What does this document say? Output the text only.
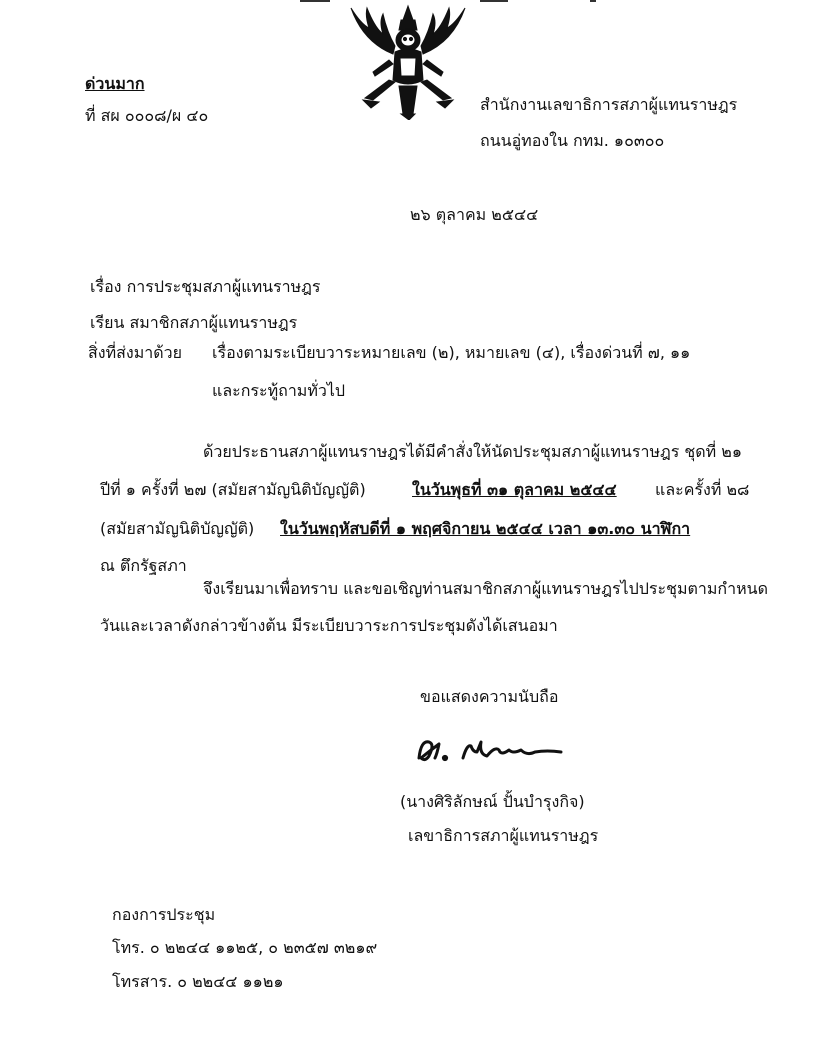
ด่วนมาก
ที่ สผ ๐๐๐๘/ผ ๔๐
สำนักงานเลขาธิการสภาผู้แทนราษฎร
ถนนอู่ทองใน กทม. ๑๐๓๐๐
๒๖ ตุลาคม ๒๕๔๔
เรื่อง การประชุมสภาผู้แทนราษฎร
เรียน สมาชิกสภาผู้แทนราษฎร
สิ่งที่ส่งมาด้วย เรื่องตามระเบียบวาระหมายเลข (๒), หมายเลข (๔), เรื่องด่วนที่ ๗, ๑๑
และกระทู้ถามทั่วไป
ด้วยประธานสภาผู้แทนราษฎรได้มีคำสั่งให้นัดประชุมสภาผู้แทนราษฎร ชุดที่ ๒๑
ปีที่ ๑ ครั้งที่ ๒๗ (สมัยสามัญนิติบัญญัติ)	ในวันพุธที่ ๓๑ ตุลาคม ๒๕๔๔ และครั้งที่ ๒๘
(สมัยสามัญนิติบัญญัติ) ในวันพฤหัสบดีที่ ๑ พฤศจิกายน ๒๕๔๔ เวลา ๑๓.๓๐ นาฬิกา
ณ ตึกรัฐสภา
จึงเรียนมาเพื่อทราบ และขอเชิญท่านสมาชิกสภาผู้แทนราษฎรไปประชุมตามกำหนด
วันและเวลาดังกล่าวข้างต้น มีระเบียบวาระการประชุมดังได้เสนอมา
ขอแสดงความนับถือ
(นางศิริลักษณ์ ปั้นบำรุงกิจ)
เลขาธิการสภาผู้แทนราษฎร
กองการประชุม
โทร. ๐ ๒๒๔๔ ๑๑๒๕, ๐ ๒๓๕๗ ๓๒๑๙
โทรสาร. ๐ ๒๒๔๔ ๑๑๒๑
